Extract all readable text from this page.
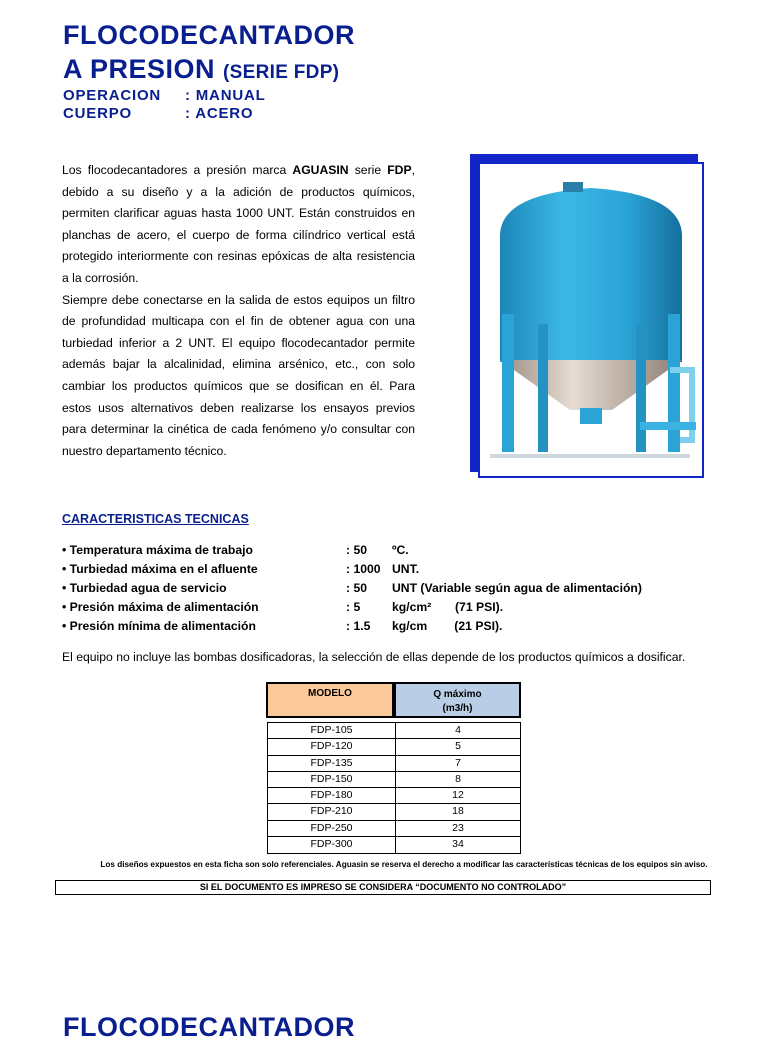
FLOCODECANTADOR
A PRESION (SERIE FDP)
OPERACION : MANUAL
CUERPO	: ACERO

Los flocodecantadores a presión marca AGUASIN serie FDP, debido a su diseño y a la adición de productos químicos, permiten clarificar aguas hasta 1000 UNT. Están construidos en planchas de acero, el cuerpo de forma cilíndrico vertical está protegido interiormente con resinas epóxicas de alta resistencia a la corrosión.

Siempre debe conectarse en la salida de estos equipos un filtro de profundidad multicapa con el fin de obtener agua con una turbiedad inferior a 2 UNT. El equipo flocodecantador permite además bajar la alcalinidad, elimina arsénico, etc., con solo cambiar los productos químicos que se dosifican en él. Para estos usos alternativos deben realizarse los ensayos previos para determinar la cinética de cada fenómeno y/o consultar con nuestro departamento técnico.

CARACTERISTICAS TECNICAS
• Temperatura máxima de trabajo	: 50 ºC.
• Turbiedad máxima en el afluente	: 1000 UNT.
• Turbiedad agua de servicio	: 50 UNT (Variable según agua de alimentación)
• Presión máxima de alimentación	: 5	kg/cm²       (71 PSI).
• Presión mínima de alimentación	: 1.5 kg/cm        (21 PSI).
El equipo no incluye las bombas dosificadoras, la selección de ellas depende de los productos químicos a dosificar.
MODELO	Q máximo
(m3/h)
FDP-105	4
FDP-120	5
FDP-135	7
FDP-150	8
FDP-180	12
FDP-210	18
FDP-250	23
FDP-300	34
Los diseños expuestos en esta ficha son solo referenciales. Aguasin se reserva el derecho a modificar las características técnicas de los equipos sin aviso.
SI EL DOCUMENTO ES IMPRESO SE CONSIDERA “DOCUMENTO NO CONTROLADO”
FLOCODECANTADOR
